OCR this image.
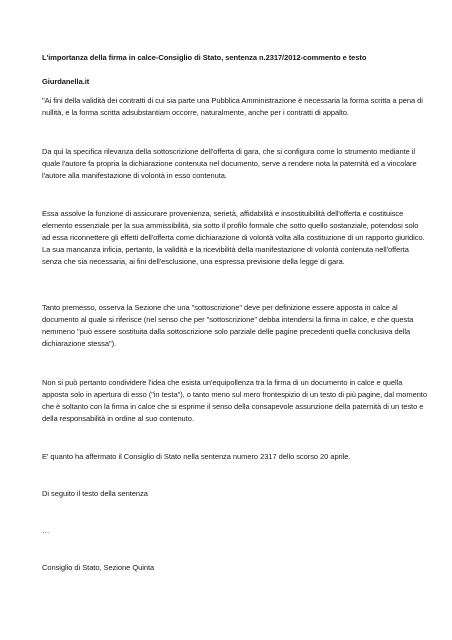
L'importanza della firma in calce-Consiglio di Stato, sentenza n.2317/2012-commento e testo
Giurdanella.it
"Ai fini della validità dei contratti di cui sia parte una Pubblica Amministrazione è necessaria la forma scritta a pena di nullità, e la forma scritta adsubstantiam occorre, naturalmente, anche per i contratti di appalto.
Da qui la specifica rilevanza della sottoscrizione dell'offerta di gara, che si configura come lo strumento mediante il quale l'autore fa propria la dichiarazione contenuta nel documento, serve a rendere nota la paternità ed a vincolare l'autore alla manifestazione di volontà in esso contenuta.
Essa assolve la funzione di assicurare provenienza, serietà, affidabilità e insostituibilità dell'offerta e costituisce elemento essenziale per la sua ammissibilità, sia sotto il profilo formale che sotto quello sostanziale, potendosi solo ad essa riconnettere gli effetti dell'offerta come dichiarazione di volontà volta alla costituzione di un rapporto giuridico. La sua mancanza inficia, pertanto, la validità e la ricevibilità della manifestazione di volontà contenuta nell'offerta senza che sia necessaria, ai fini dell'esclusione, una espressa previsione della legge di gara.
Tanto premesso, osserva la Sezione che una "sottoscrizione" deve per definizione essere apposta in calce al documento al quale si riferisce (nel senso che per "sottoscrizione" debba intendersi la firma in calce, e che questa nemmeno "può essere sostituita dalla sottoscrizione solo parziale delle pagine precedenti quella conclusiva della dichiarazione stessa").
Non si può pertanto condividere l'idea che esista un'equipollenza tra la firma di un documento in calce e quella apposta solo in apertura di esso ("in testa"), o tanto meno sul mero frontespizio di un testo di più pagine, dal momento che è soltanto con la firma in calce che si esprime il senso della consapevole assunzione della paternità di un testo e della responsabilità in ordine al suo contenuto.
E' quanto ha affermato il Consiglio di Stato nella sentenza numero 2317 dello scorso 20 aprile.
Di seguito il testo della sentenza
…
Consiglio di Stato, Sezione Quinta
